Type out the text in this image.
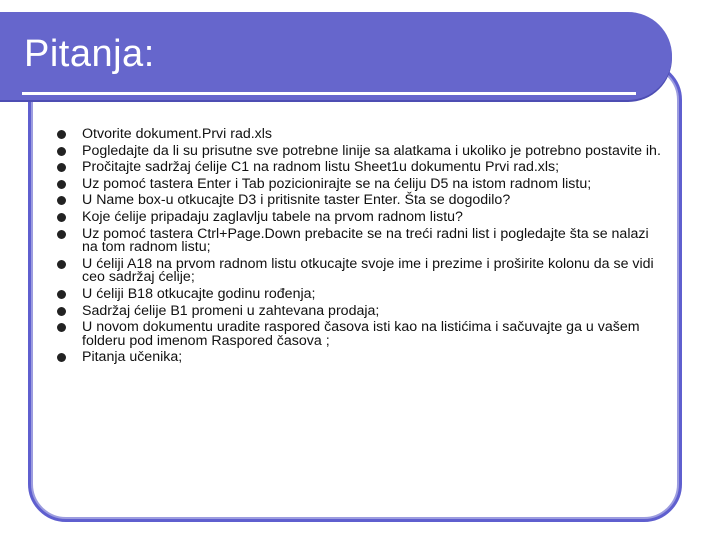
Pitanja:
Otvorite dokument.Prvi rad.xls
Pogledajte da li su prisutne sve potrebne linije sa alatkama i ukoliko je potrebno postavite ih.
Pročitajte sadržaj ćelije C1 na radnom listu Sheet1u dokumentu Prvi rad.xls;
Uz pomoć tastera Enter i Tab pozicionirajte se na ćeliju D5 na istom radnom listu;
U Name box-u otkucajte D3 i pritisnite taster Enter. Šta se dogodilo?
Koje ćelije pripadaju zaglavlju tabele na prvom radnom listu?
Uz pomoć tastera Ctrl+Page.Down prebacite se na treći radni list i pogledajte šta se nalazi na tom radnom listu;
U ćeliji A18 na prvom radnom listu otkucajte svoje ime i prezime i proširite kolonu da se vidi ceo sadržaj ćelije;
U ćeliji B18 otkucajte godinu rođenja;
Sadržaj ćelije B1 promeni u zahtevana prodaja;
U novom dokumentu uradite raspored časova isti kao na listićima i sačuvajte ga u vašem folderu pod imenom Raspored časova ;
Pitanja učenika;
